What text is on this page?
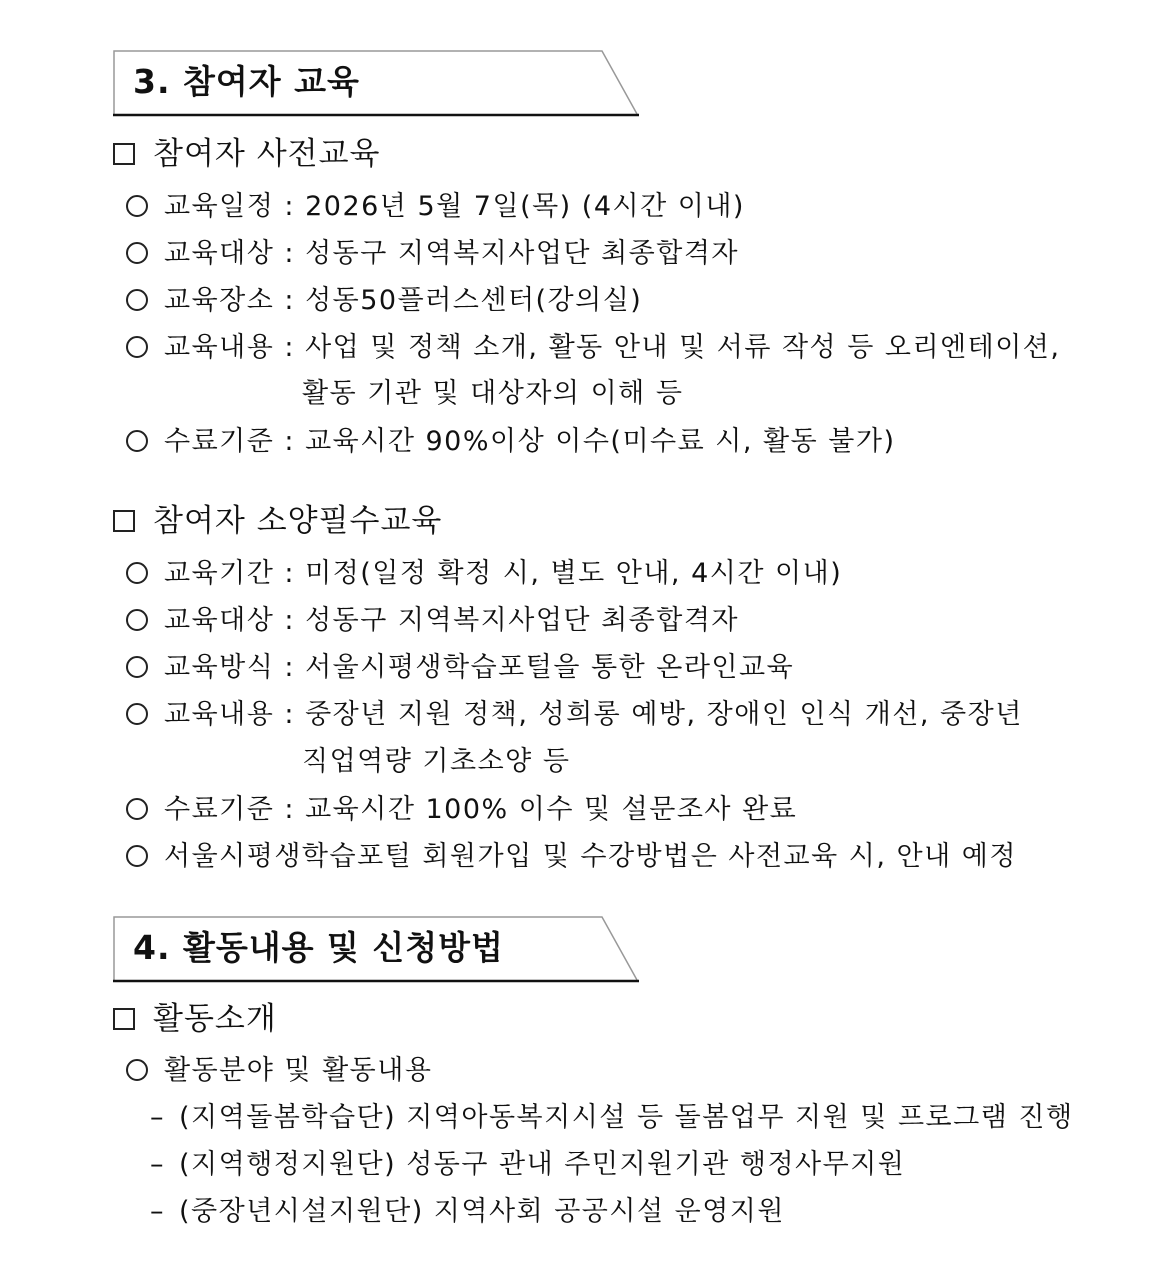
3. 참여자 교육
참여자 사전교육
교육일정 : 2026년 5월 7일(목) (4시간 이내)
교육대상 : 성동구 지역복지사업단 최종합격자
교육장소 : 성동50플러스센터(강의실)
교육내용 : 사업 및 정책 소개, 활동 안내 및 서류 작성 등 오리엔테이션,
활동 기관 및 대상자의 이해 등
수료기준 : 교육시간 90%이상 이수(미수료 시, 활동 불가)
참여자 소양필수교육
교육기간 : 미정(일정 확정 시, 별도 안내, 4시간 이내)
교육대상 : 성동구 지역복지사업단 최종합격자
교육방식 : 서울시평생학습포털을 통한 온라인교육
교육내용 : 중장년 지원 정책, 성희롱 예방, 장애인 인식 개선, 중장년
직업역량 기초소양 등
수료기준 : 교육시간 100% 이수 및 설문조사 완료
서울시평생학습포털 회원가입 및 수강방법은 사전교육 시, 안내 예정
4. 활동내용 및 신청방법
활동소개
활동분야 및 활동내용
– (지역돌봄학습단) 지역아동복지시설 등 돌봄업무 지원 및 프로그램 진행
– (지역행정지원단) 성동구 관내 주민지원기관 행정사무지원
– (중장년시설지원단) 지역사회 공공시설 운영지원
